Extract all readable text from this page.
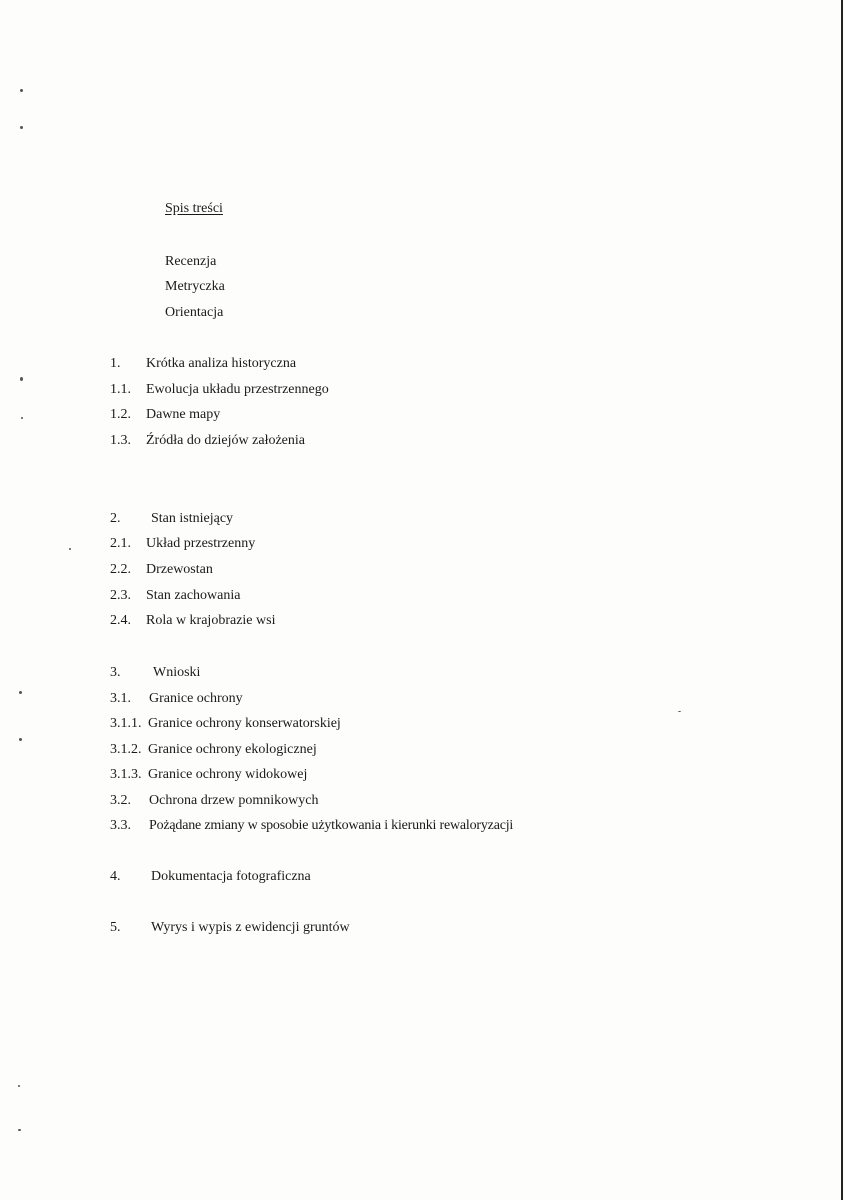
Spis treści
Recenzja
Metryczka
Orientacja
1. Krótka analiza historyczna
1.1. Ewolucja układu przestrzennego
1.2. Dawne mapy
1.3. Źródła do dziejów założenia
2. Stan istniejący
2.1. Układ przestrzenny
2.2. Drzewostan
2.3. Stan zachowania
2.4. Rola w krajobrazie wsi
3. Wnioski
3.1. Granice ochrony
3.1.1. Granice ochrony konserwatorskiej
3.1.2. Granice ochrony ekologicznej
3.1.3. Granice ochrony widokowej
3.2. Ochrona drzew pomnikowych
3.3. Pożądane zmiany w sposobie użytkowania i kierunki rewaloryzacji
4. Dokumentacja fotograficzna
5. Wyrys i wypis z ewidencji gruntów
